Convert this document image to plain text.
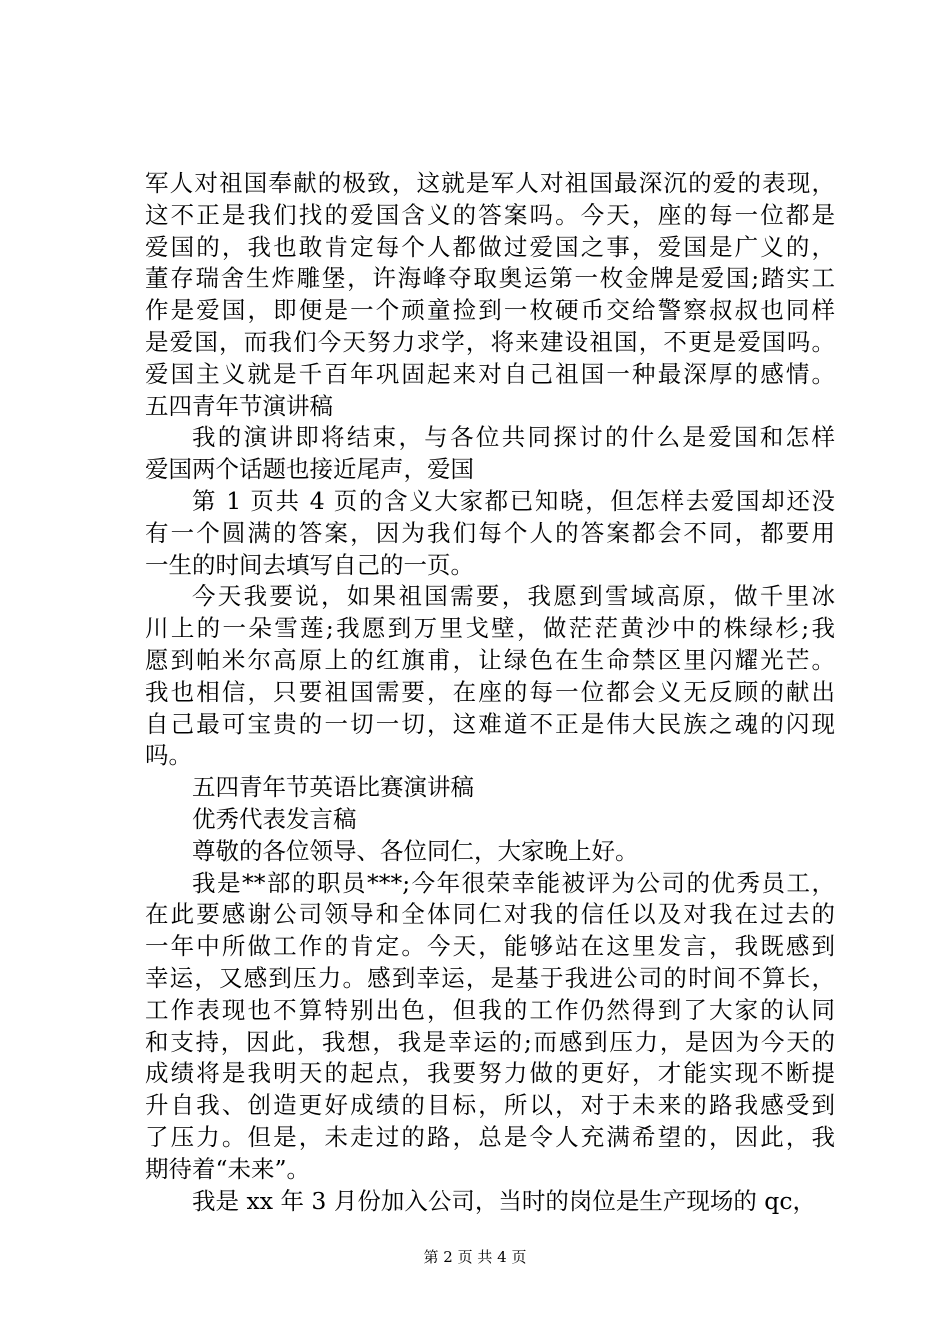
军人对祖国奉献的极致，这就是军人对祖国最深沉的爱的表现，
这不正是我们找的爱国含义的答案吗。今天，座的每一位都是
爱国的，我也敢肯定每个人都做过爱国之事，爱国是广义的，
董存瑞舍生炸雕堡，许海峰夺取奥运第一枚金牌是爱国;踏实工
作是爱国，即便是一个顽童捡到一枚硬币交给警察叔叔也同样
是爱国，而我们今天努力求学，将来建设祖国，不更是爱国吗。
爱国主义就是千百年巩固起来对自己祖国一种最深厚的感情。
五四青年节演讲稿
我的演讲即将结束，与各位共同探讨的什么是爱国和怎样
爱国两个话题也接近尾声，爱国
第 1 页共 4 页的含义大家都已知晓，但怎样去爱国却还没
有一个圆满的答案，因为我们每个人的答案都会不同，都要用
一生的时间去填写自己的一页。
今天我要说，如果祖国需要，我愿到雪域高原，做千里冰
川上的一朵雪莲;我愿到万里戈壁，做茫茫黄沙中的株绿杉;我
愿到帕米尔高原上的红旗甫，让绿色在生命禁区里闪耀光芒。
我也相信，只要祖国需要，在座的每一位都会义无反顾的献出
自己最可宝贵的一切一切，这难道不正是伟大民族之魂的闪现
吗。
五四青年节英语比赛演讲稿
优秀代表发言稿
尊敬的各位领导、各位同仁，大家晚上好。
我是**部的职员***;今年很荣幸能被评为公司的优秀员工，
在此要感谢公司领导和全体同仁对我的信任以及对我在过去的
一年中所做工作的肯定。今天，能够站在这里发言，我既感到
幸运，又感到压力。感到幸运，是基于我进公司的时间不算长，
工作表现也不算特别出色，但我的工作仍然得到了大家的认同
和支持，因此，我想，我是幸运的;而感到压力，是因为今天的
成绩将是我明天的起点，我要努力做的更好，才能实现不断提
升自我、创造更好成绩的目标，所以，对于未来的路我感受到
了压力。但是，未走过的路，总是令人充满希望的，因此，我
期待着“未来”。
我是 xx 年 3 月份加入公司，当时的岗位是生产现场的 qc，
第 2 页 共 4 页
